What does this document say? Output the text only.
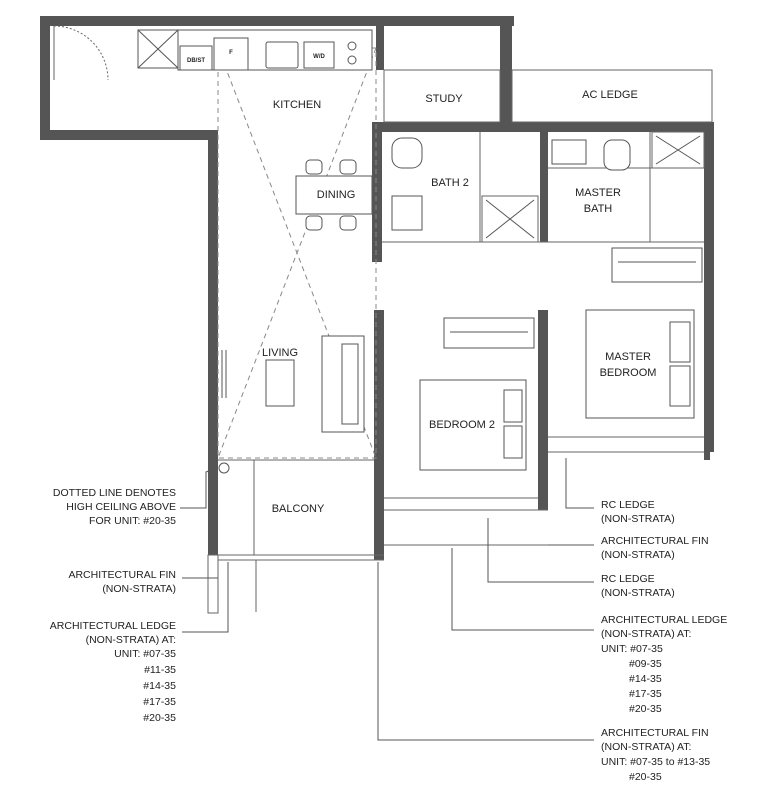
DB/ST
F
W/D
KITCHEN	STUDY	AC LEDGE
DINING
BATH 2
MASTER
BATH
LIVING	MASTER
BEDROOM
BEDROOM 2
BALCONY
DOTTED LINE DENOTES
HIGH CEILING ABOVE
FOR UNIT: #20-35
ARCHITECTURAL FIN
(NON-STRATA)
ARCHITECTURAL LEDGE
(NON-STRATA) AT:
UNIT: #07-35
#11-35
#14-35
#17-35
#20-35
RC LEDGE
(NON-STRATA)
ARCHITECTURAL FIN
(NON-STRATA)
RC LEDGE
(NON-STRATA)
ARCHITECTURAL LEDGE
(NON-STRATA) AT:
UNIT: #07-35
#09-35
#14-35
#17-35
#20-35
ARCHITECTURAL FIN
(NON-STRATA) AT:
UNIT: #07-35 to #13-35
#20-35
